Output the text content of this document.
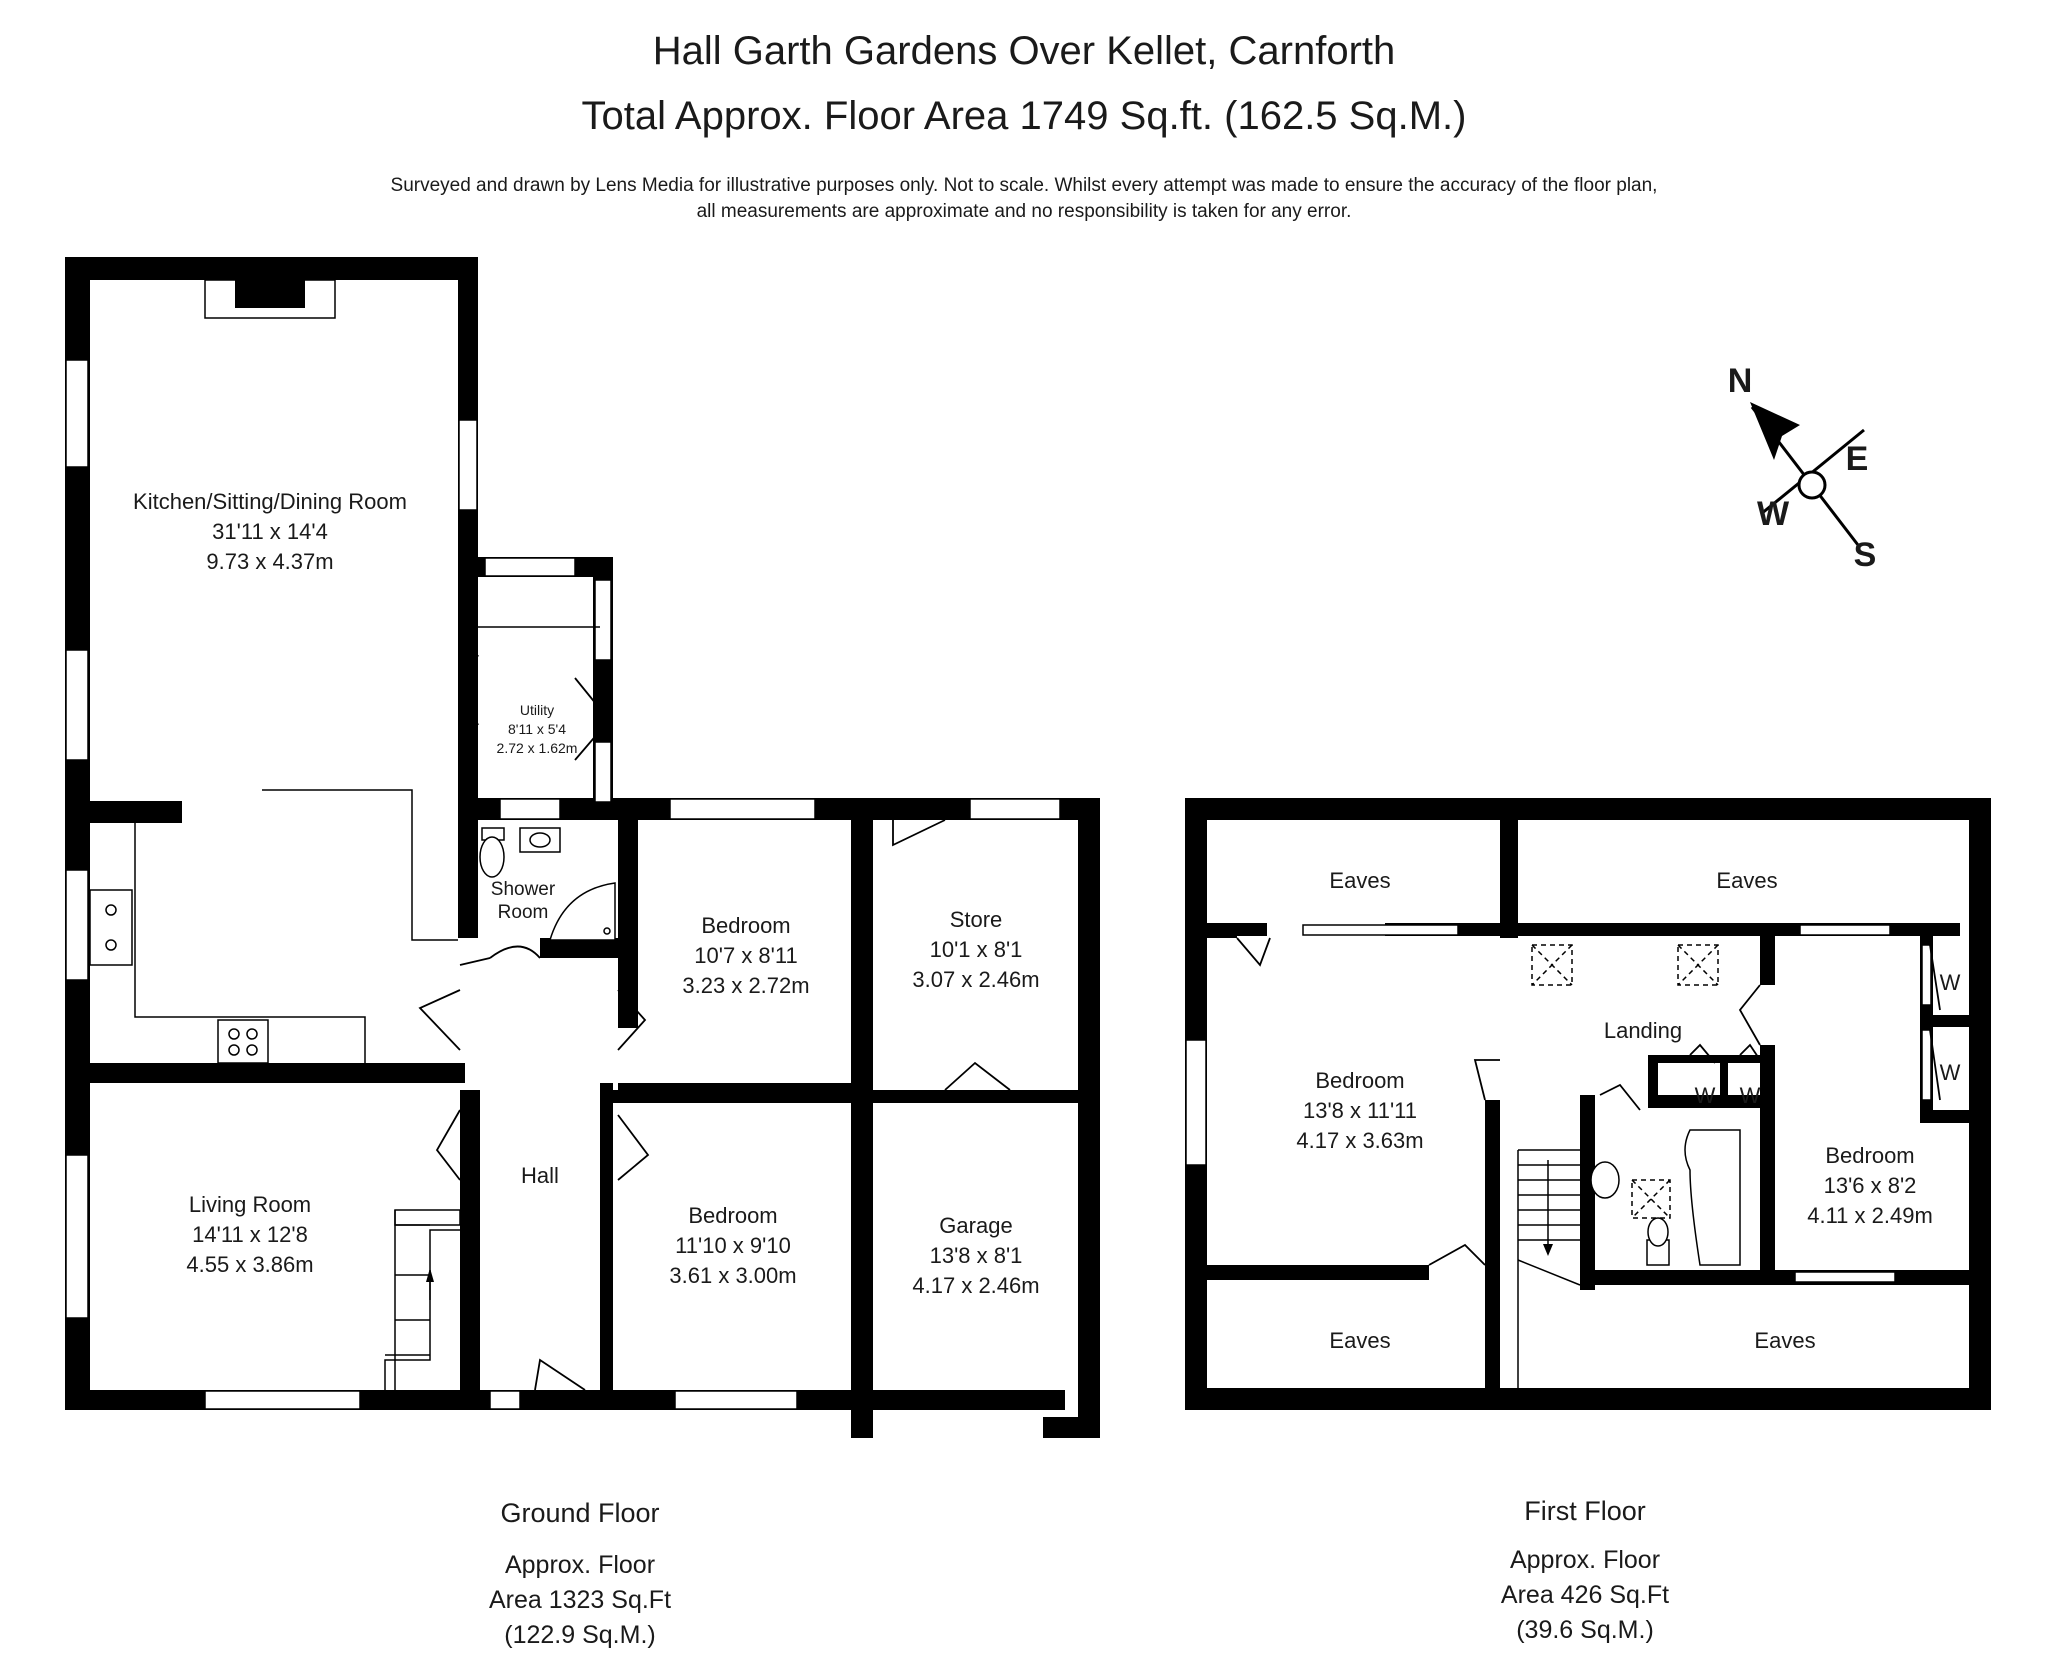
Hall Garth Gardens Over Kellet, Carnforth
Total Approx. Floor Area 1749 Sq.ft. (162.5 Sq.M.)
Surveyed and drawn by Lens Media for illustrative purposes only. Not to scale. Whilst every attempt was made to ensure the accuracy of the floor plan,
all measurements are approximate and no responsibility is taken for any error.
N
E
W
S
Kitchen/Sitting/Dining Room
31'11 x 14'4
9.73 x 4.37m
Utility
8'11 x 5'4
2.72 x 1.62m
Shower
Room
Bedroom
10'7 x 8'11
3.23 x 2.72m
Store
10'1 x 8'1
3.07 x 2.46m
Hall
Living Room
14'11 x 12'8
4.55 x 3.86m
Bedroom
11'10 x 9'10
3.61 x 3.00m
Garage
13'8 x 8'1
4.17 x 2.46m
Eaves	Eaves
Eaves	Eaves
Landing
Bedroom
13'8 x 11'11
4.17 x 3.63m
Bedroom
13'6 x 8'2
4.11 x 2.49m
W W
W
W
Ground Floor
Approx. Floor
Area 1323 Sq.Ft
(122.9 Sq.M.)
First Floor
Approx. Floor
Area 426 Sq.Ft
(39.6 Sq.M.)
